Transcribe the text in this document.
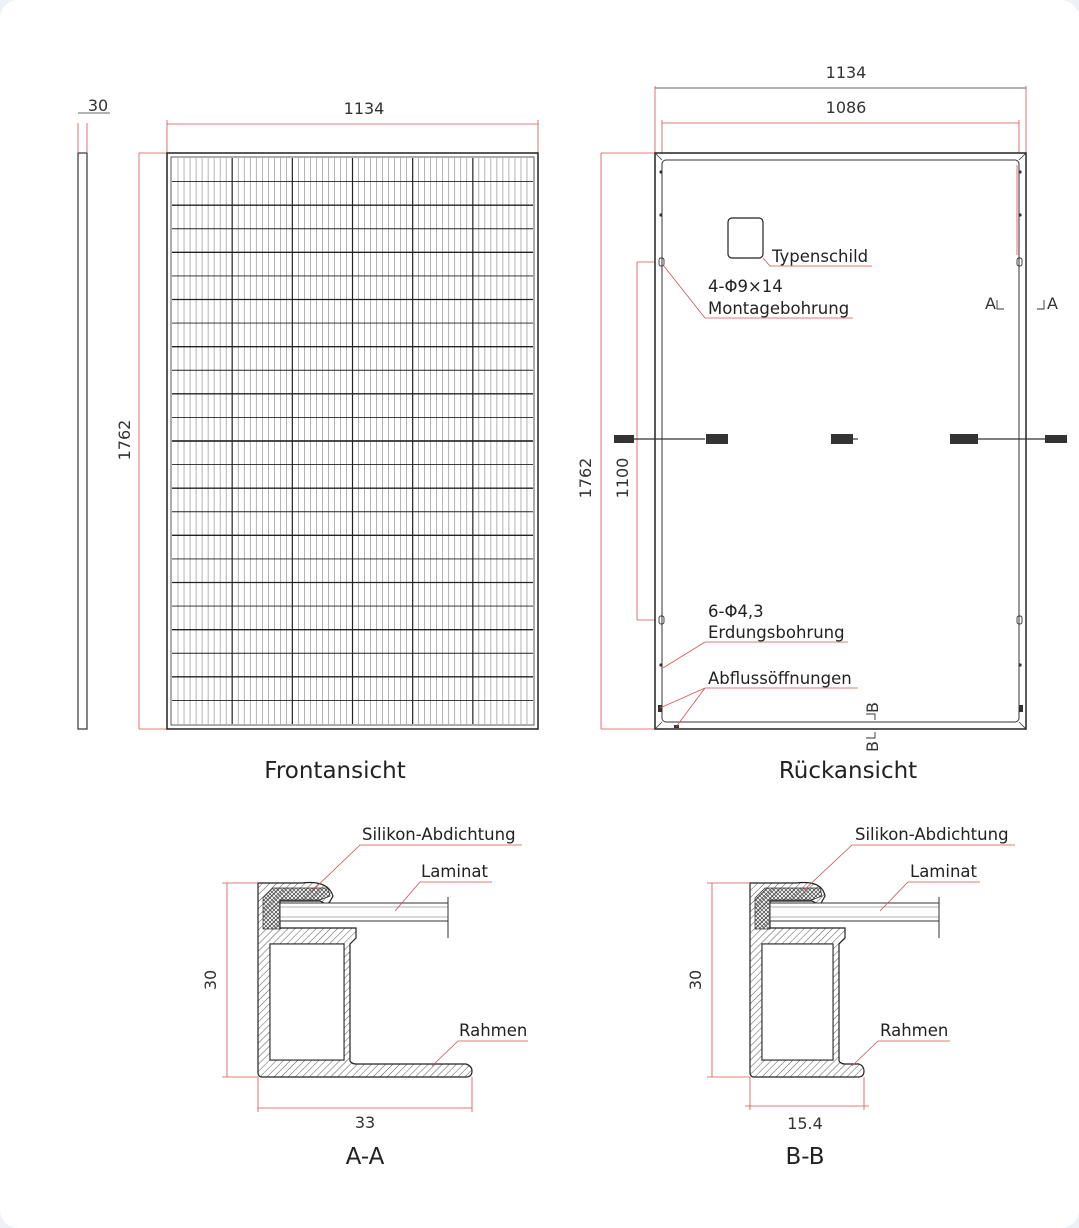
30	1134
1762
Frontansicht
1134
1086
1762 1100
Typenschild
4-Φ9×14
Montagebohrung
6-Φ4,3
Erdungsbohrung
Abflussöffnungen
A	A
B
B
Rückansicht
30
33
Silikon-Abdichtung
Laminat
Rahmen
A-A
30
15.4
Silikon-Abdichtung
Laminat
Rahmen
B-B
